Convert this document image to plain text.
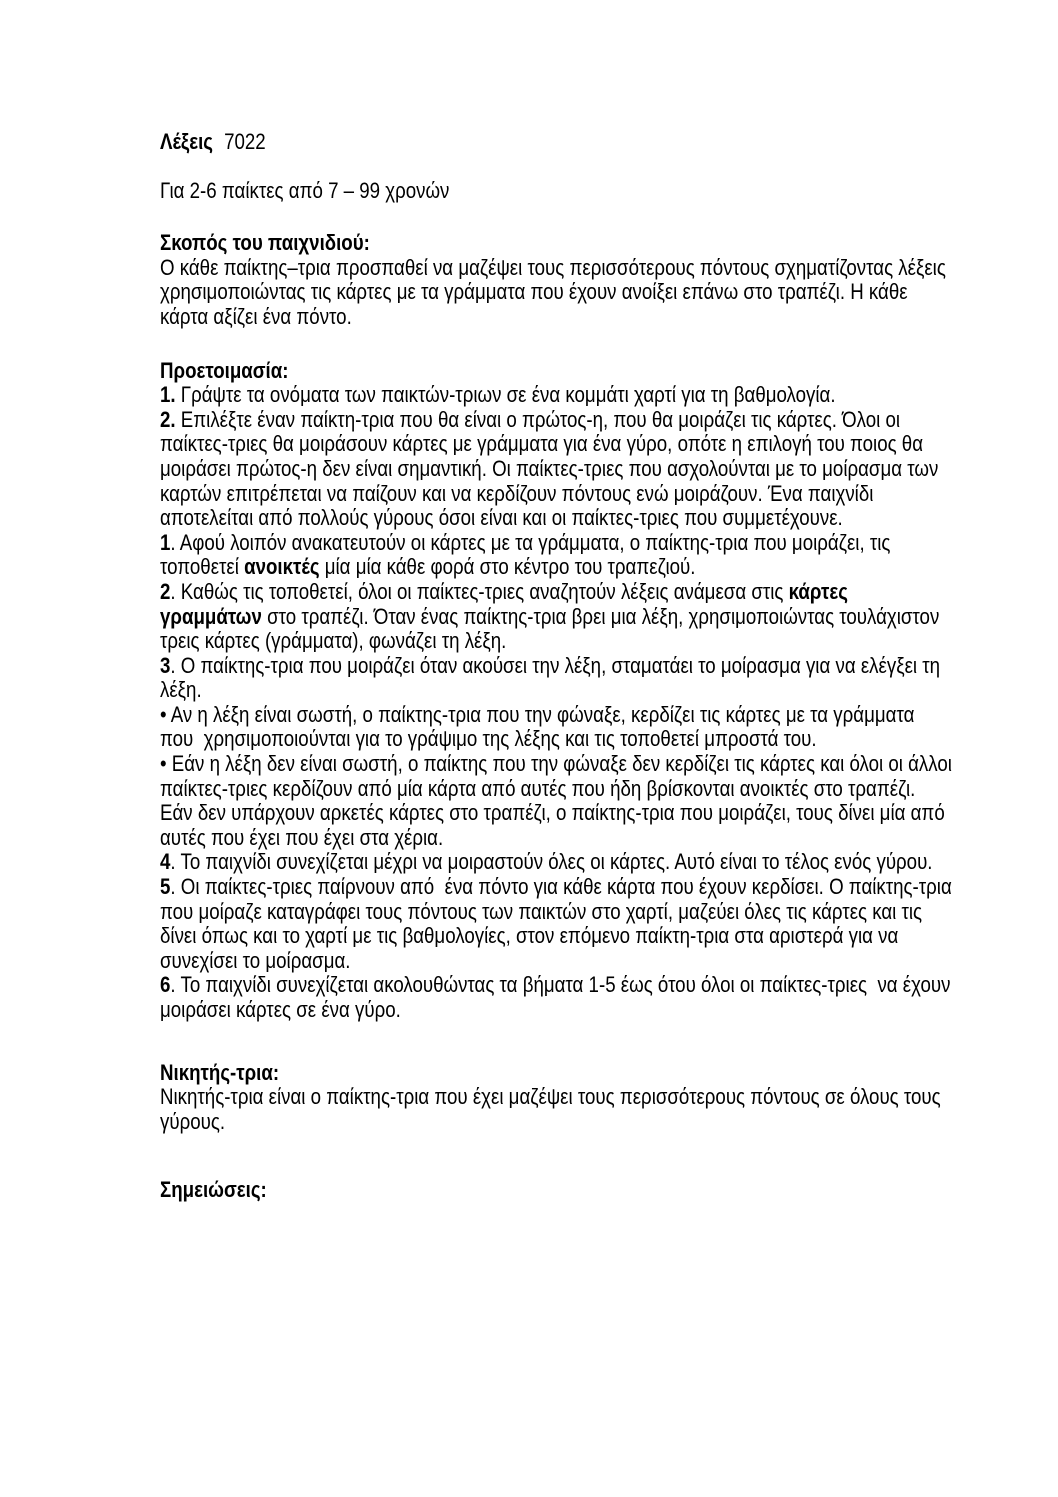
Λέξεις 7022

Για 2-6 παίκτες από 7 – 99 χρονών

Σκοπός του παιχνιδιού:

Ο κάθε παίκτης–τρια προσπαθεί να μαζέψει τους περισσότερους πόντους σχηματίζοντας λέξεις χρησιμοποιώντας τις κάρτες με τα γράμματα που έχουν ανοίξει επάνω στο τραπέζι. Η κάθε κάρτα αξίζει ένα πόντο.

Προετοιμασία:

1. Γράψτε τα ονόματα των παικτών-τριων σε ένα κομμάτι χαρτί για τη βαθμολογία.

2. Επιλέξτε έναν παίκτη-τρια που θα είναι ο πρώτος-η, που θα μοιράζει τις κάρτες. Όλοι οι παίκτες-τριες θα μοιράσουν κάρτες με γράμματα για ένα γύρο, οπότε η επιλογή του ποιος θα μοιράσει πρώτος-η δεν είναι σημαντική. Οι παίκτες-τριες που ασχολούνται με το μοίρασμα των καρτών επιτρέπεται να παίζουν και να κερδίζουν πόντους ενώ μοιράζουν. Ένα παιχνίδι αποτελείται από πολλούς γύρους όσοι είναι και οι παίκτες-τριες που συμμετέχουνε.

1. Αφού λοιπόν ανακατευτούν οι κάρτες με τα γράμματα, ο παίκτης-τρια που μοιράζει, τις τοποθετεί ανοικτές μία μία κάθε φορά στο κέντρο του τραπεζιού.

2. Καθώς τις τοποθετεί, όλοι οι παίκτες-τριες αναζητούν λέξεις ανάμεσα στις κάρτες γραμμάτων στο τραπέζι. Όταν ένας παίκτης-τρια βρει μια λέξη, χρησιμοποιώντας τουλάχιστον τρεις κάρτες (γράμματα), φωνάζει τη λέξη.

3. Ο παίκτης-τρια που μοιράζει όταν ακούσει την λέξη, σταματάει το μοίρασμα για να ελέγξει τη λέξη.

• Αν η λέξη είναι σωστή, ο παίκτης-τρια που την φώναξε, κερδίζει τις κάρτες με τα γράμματα που  χρησιμοποιούνται για το γράψιμο της λέξης και τις τοποθετεί μπροστά του.

• Εάν η λέξη δεν είναι σωστή, ο παίκτης που την φώναξε δεν κερδίζει τις κάρτες και όλοι οι άλλοι παίκτες-τριες κερδίζουν από μία κάρτα από αυτές που ήδη βρίσκονται ανοικτές στο τραπέζι. Εάν δεν υπάρχουν αρκετές κάρτες στο τραπέζι, ο παίκτης-τρια που μοιράζει, τους δίνει μία από αυτές που έχει που έχει στα χέρια.

4. Το παιχνίδι συνεχίζεται μέχρι να μοιραστούν όλες οι κάρτες. Αυτό είναι το τέλος ενός γύρου.

5. Οι παίκτες-τριες παίρνουν από  ένα πόντο για κάθε κάρτα που έχουν κερδίσει. Ο παίκτης-τρια που μοίραζε καταγράφει τους πόντους των παικτών στο χαρτί, μαζεύει όλες τις κάρτες και τις δίνει όπως και το χαρτί με τις βαθμολογίες, στον επόμενο παίκτη-τρια στα αριστερά για να συνεχίσει το μοίρασμα.

6. Το παιχνίδι συνεχίζεται ακολουθώντας τα βήματα 1-5 έως ότου όλοι οι παίκτες-τριες  να έχουν μοιράσει κάρτες σε ένα γύρο.

Νικητής-τρια:

Νικητής-τρια είναι ο παίκτης-τρια που έχει μαζέψει τους περισσότερους πόντους σε όλους τους γύρους.

Σημειώσεις:
